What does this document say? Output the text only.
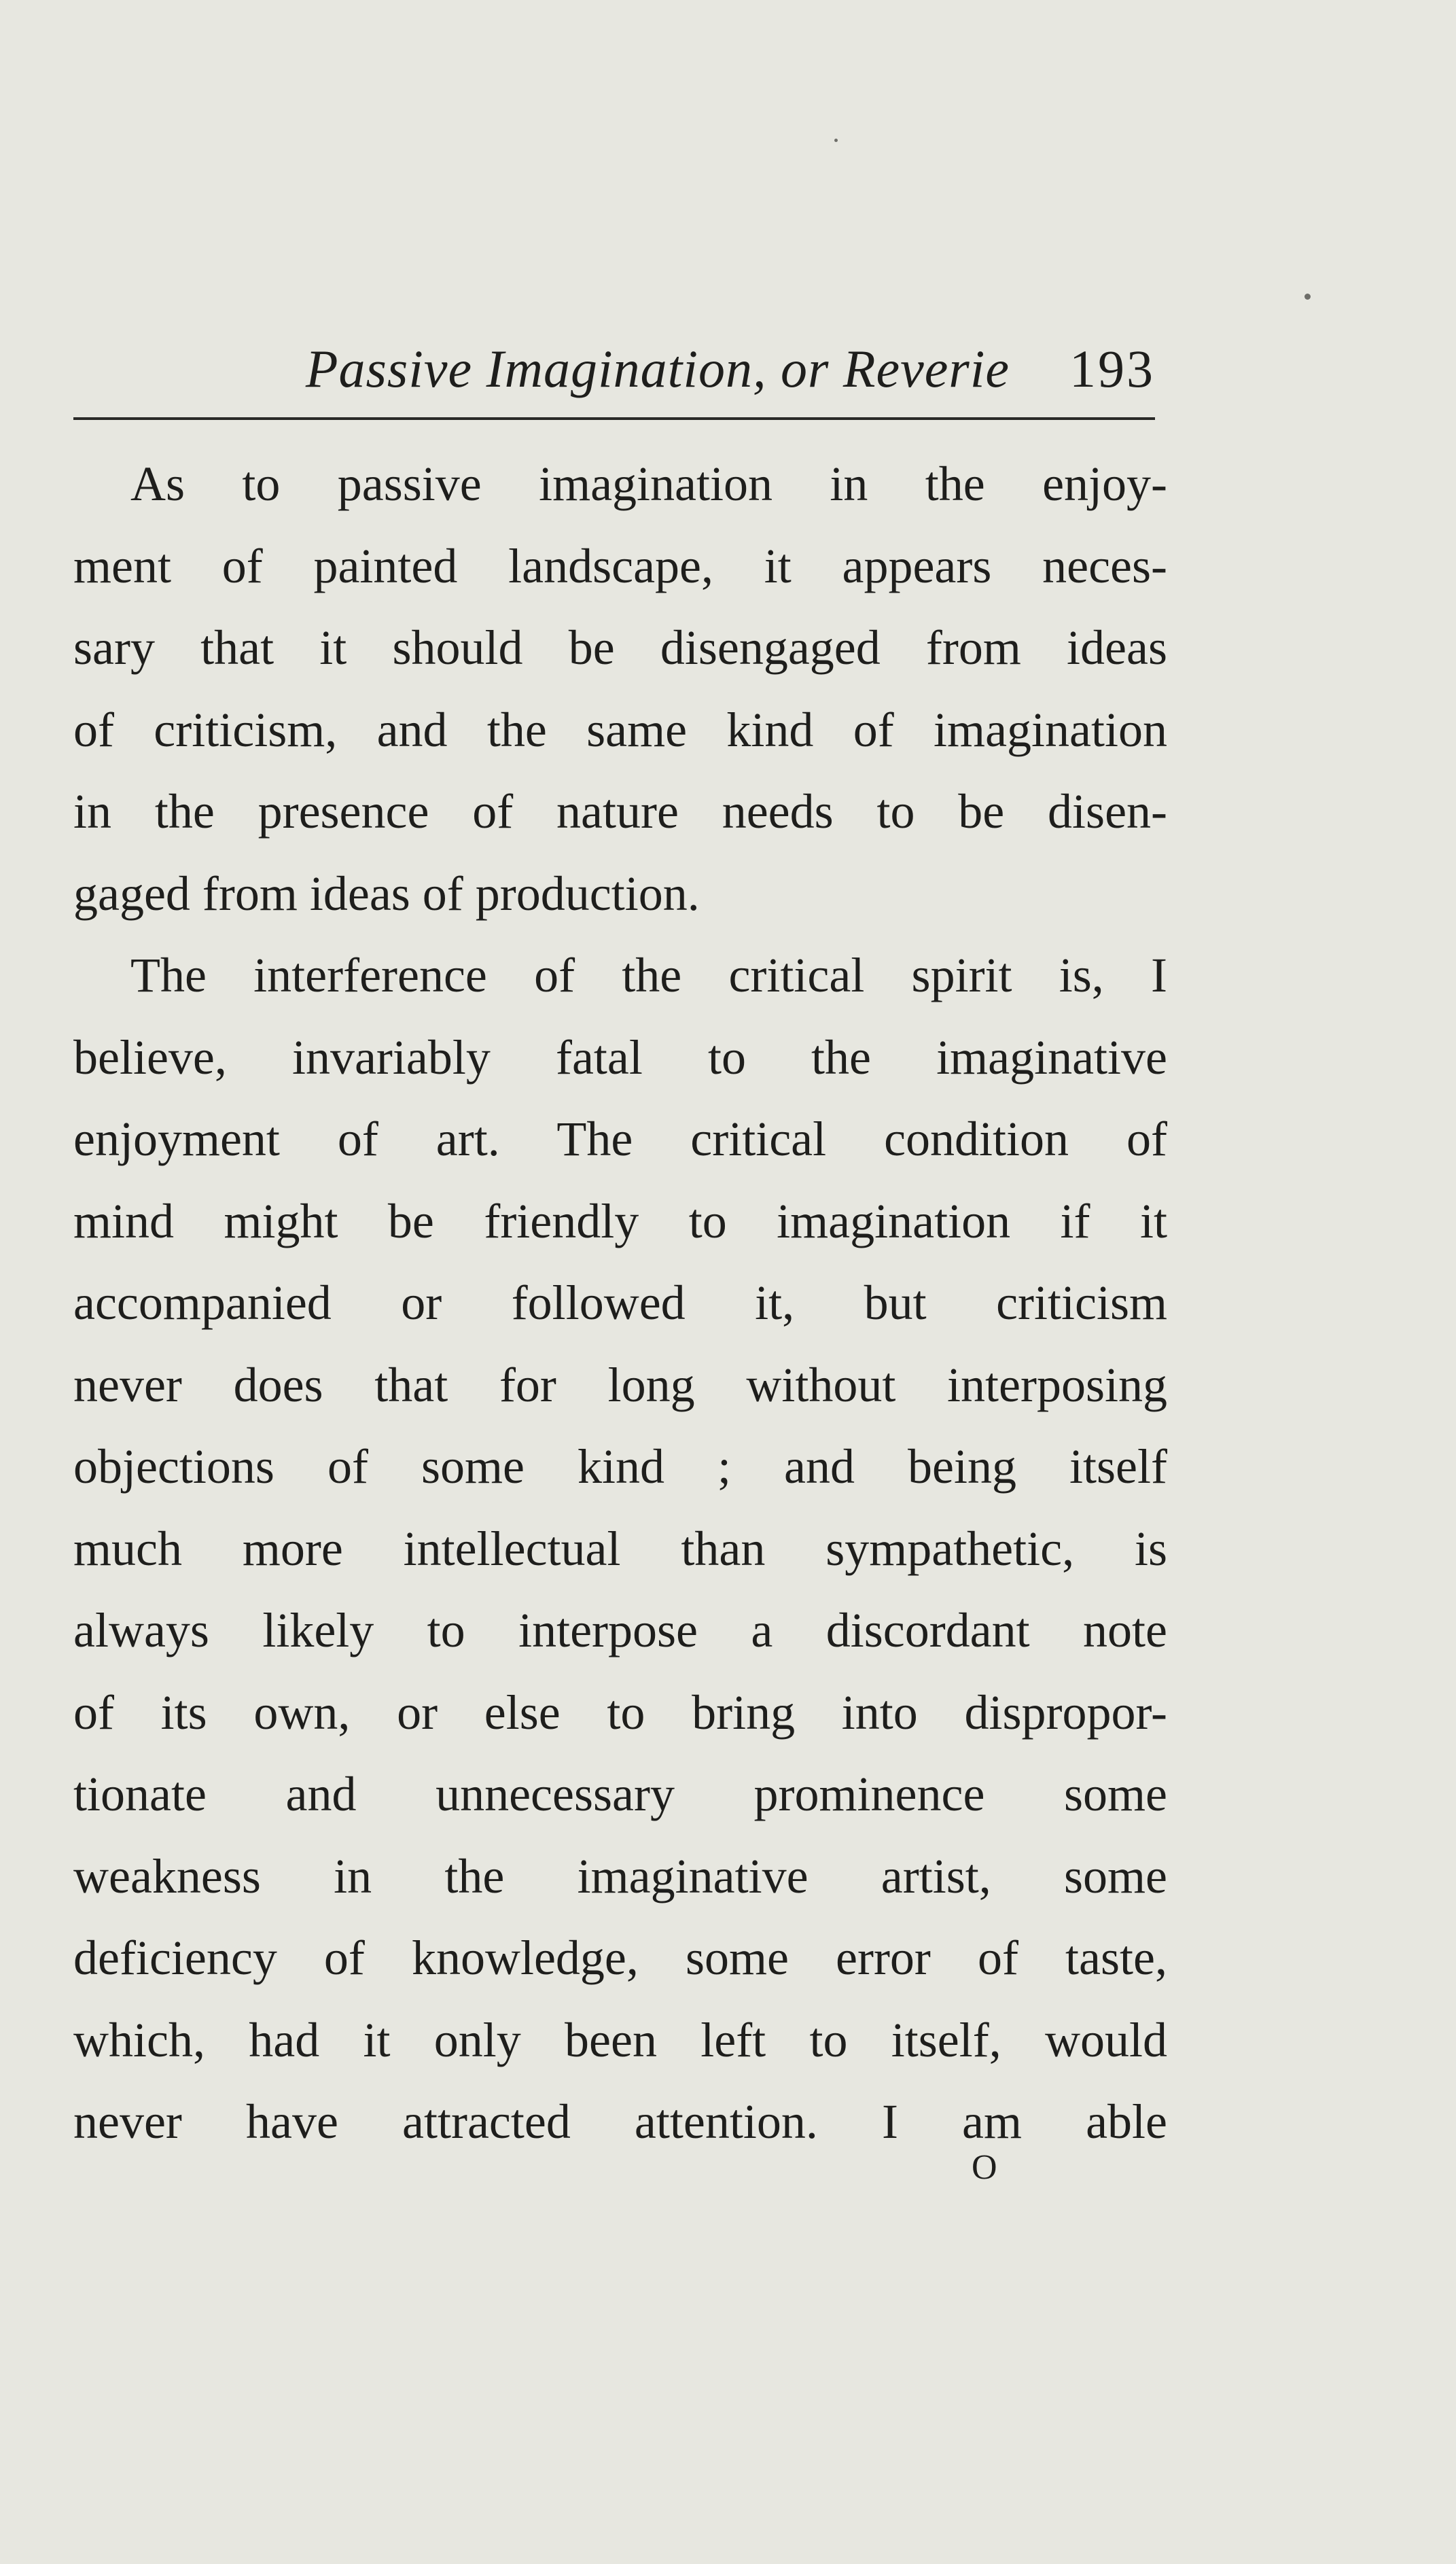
Passive Imagination, or Reverie 193
As to passive imagination in the enjoy-
ment of painted landscape, it appears neces-
sary that it should be disengaged from ideas
of criticism, and the same kind of imagination
in the presence of nature needs to be disen-
gaged from ideas of production.
The interference of the critical spirit is, I
believe, invariably fatal to the imaginative
enjoyment of art. The critical condition of
mind might be friendly to imagination if it
accompanied or followed it, but criticism
never does that for long without interposing
objections of some kind ; and being itself
much more intellectual than sympathetic, is
always likely to interpose a discordant note
of its own, or else to bring into dispropor-
tionate and unnecessary prominence some
weakness in the imaginative artist, some
deficiency of knowledge, some error of taste,
which, had it only been left to itself, would
never have attracted attention. I am able
O
